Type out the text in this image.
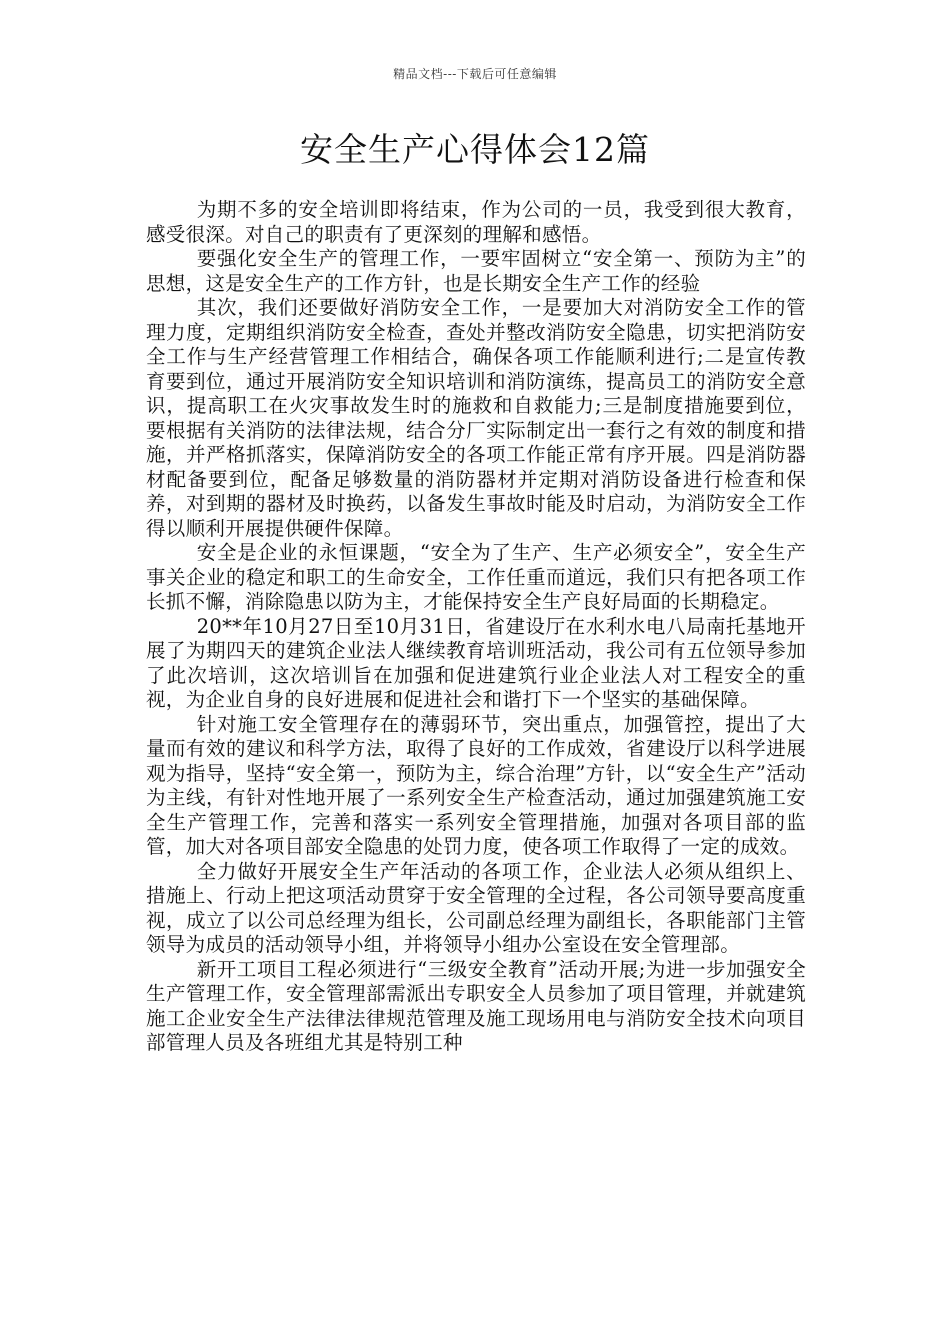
精品文档---下载后可任意编辑
安全生产心得体会12篇

为期不多的安全培训即将结束，作为公司的一员，我受到很大教育，感受很深。对自己的职责有了更深刻的理解和感悟。

要强化安全生产的管理工作，一要牢固树立“安全第一、预防为主”的思想，这是安全生产的工作方针，也是长期安全生产工作的经验

其次，我们还要做好消防安全工作，一是要加大对消防安全工作的管理力度，定期组织消防安全检查，查处并整改消防安全隐患，切实把消防安全工作与生产经营管理工作相结合，确保各项工作能顺利进行;二是宣传教育要到位，通过开展消防安全知识培训和消防演练，提高员工的消防安全意识，提高职工在火灾事故发生时的施救和自救能力;三是制度措施要到位，要根据有关消防的法律法规，结合分厂实际制定出一套行之有效的制度和措施，并严格抓落实，保障消防安全的各项工作能正常有序开展。四是消防器材配备要到位，配备足够数量的消防器材并定期对消防设备进行检查和保养，对到期的器材及时换药，以备发生事故时能及时启动，为消防安全工作得以顺利开展提供硬件保障。

安全是企业的永恒课题，“安全为了生产、生产必须安全”，安全生产事关企业的稳定和职工的生命安全，工作任重而道远，我们只有把各项工作长抓不懈，消除隐患以防为主，才能保持安全生产良好局面的长期稳定。

20**年10月27日至10月31日，省建设厅在水利水电八局南托基地开展了为期四天的建筑企业法人继续教育培训班活动，我公司有五位领导参加了此次培训，这次培训旨在加强和促进建筑行业企业法人对工程安全的重视，为企业自身的良好进展和促进社会和谐打下一个坚实的基础保障。

针对施工安全管理存在的薄弱环节，突出重点，加强管控，提出了大量而有效的建议和科学方法，取得了良好的工作成效，省建设厅以科学进展观为指导，坚持“安全第一，预防为主，综合治理”方针，以“安全生产”活动为主线，有针对性地开展了一系列安全生产检查活动，通过加强建筑施工安全生产管理工作，完善和落实一系列安全管理措施，加强对各项目部的监管，加大对各项目部安全隐患的处罚力度，使各项工作取得了一定的成效。

全力做好开展安全生产年活动的各项工作，企业法人必须从组织上、措施上、行动上把这项活动贯穿于安全管理的全过程，各公司领导要高度重视，成立了以公司总经理为组长，公司副总经理为副组长，各职能部门主管领导为成员的活动领导小组，并将领导小组办公室设在安全管理部。

新开工项目工程必须进行“三级安全教育”活动开展;为进一步加强安全生产管理工作，安全管理部需派出专职安全人员参加了项目管理，并就建筑施工企业安全生产法律法律规范管理及施工现场用电与消防安全技术向项目部管理人员及各班组尤其是特别工种
